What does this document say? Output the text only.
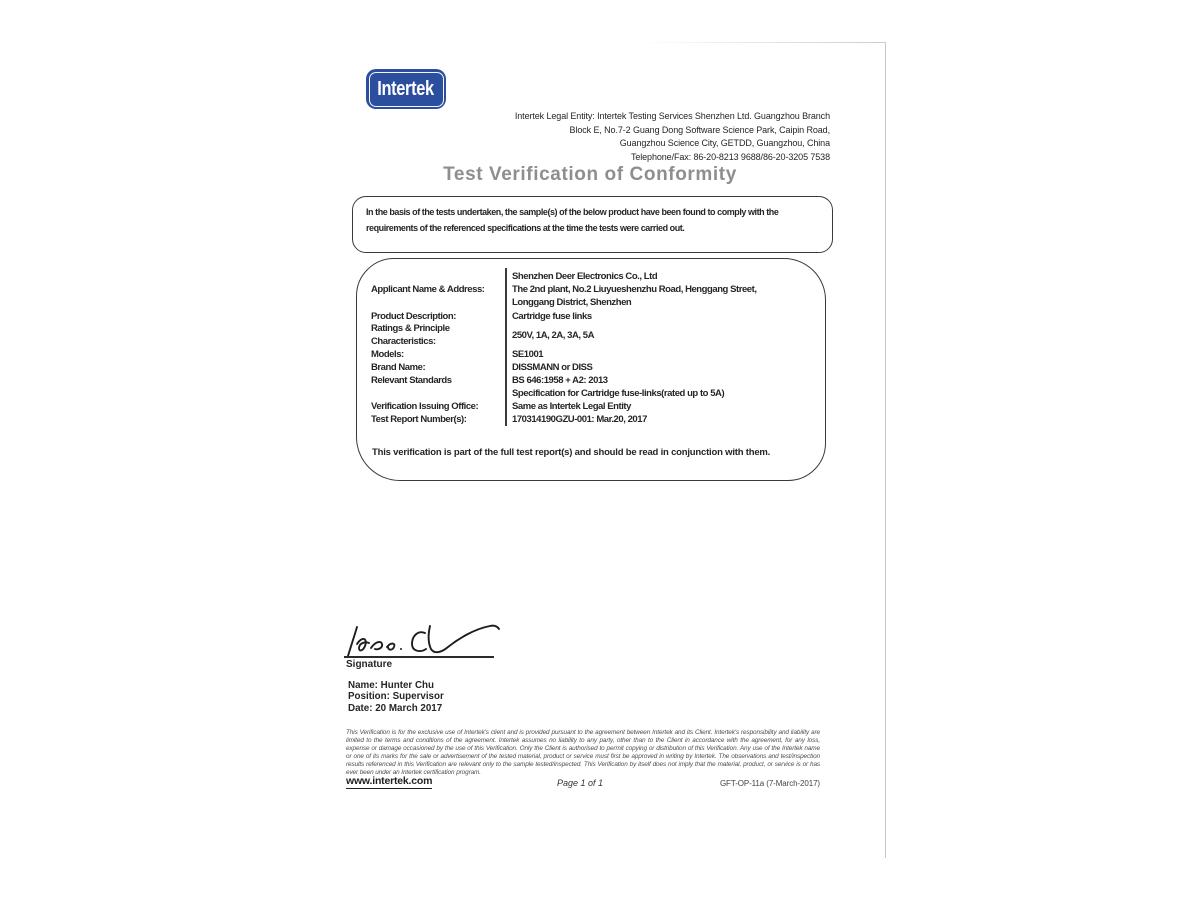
Intertek
Intertek Legal Entity: Intertek Testing Services Shenzhen Ltd. Guangzhou Branch
Block E, No.7-2 Guang Dong Software Science Park, Caipin Road,
Guangzhou Science City, GETDD, Guangzhou, China
Telephone/Fax: 86-20-8213 9688/86-20-3205 7538
Test Verification of Conformity
In the basis of the tests undertaken, the sample(s) of the below product have been found to comply with the requirements of the referenced specifications at the time the tests were carried out.
Applicant Name & Address:
Product Description:
Ratings & Principle
Characteristics:
Models:
Brand Name:
Relevant Standards
Verification Issuing Office:
Test Report Number(s):
Shenzhen Deer Electronics Co., Ltd
The 2nd plant, No.2 Liuyueshenzhu Road, Henggang Street,
Longgang District, Shenzhen
Cartridge fuse links
250V, 1A, 2A, 3A, 5A
SE1001
DISSMANN or DISS
BS 646:1958 + A2: 2013
Specification for Cartridge fuse-links(rated up to 5A)
Same as Intertek Legal Entity
170314190GZU-001: Mar.20, 2017
This verification is part of the full test report(s) and should be read in conjunction with them.
Signature
Name: Hunter Chu
Position: Supervisor
Date: 20 March 2017
This Verification is for the exclusive use of Intertek's client and is provided pursuant to the agreement between Intertek and its Client. Intertek's responsibility and liability are limited to the terms and conditions of the agreement. Intertek assumes no liability to any party, other than to the Client in accordance with the agreement, for any loss, expense or damage occasioned by the use of this Verification. Only the Client is authorised to permit copying or distribution of this Verification. Any use of the Intertek name or one of its marks for the sale or advertisement of the tested material, product or service must first be approved in writing by Intertek. The observations and test/inspection results referenced in this Verification are relevant only to the sample tested/inspected. This Verification by itself does not imply that the material, product, or service is or has ever been under an Intertek certification program.
www.intertek.com	Page 1 of 1	GFT-OP-11a (7-March-2017)
